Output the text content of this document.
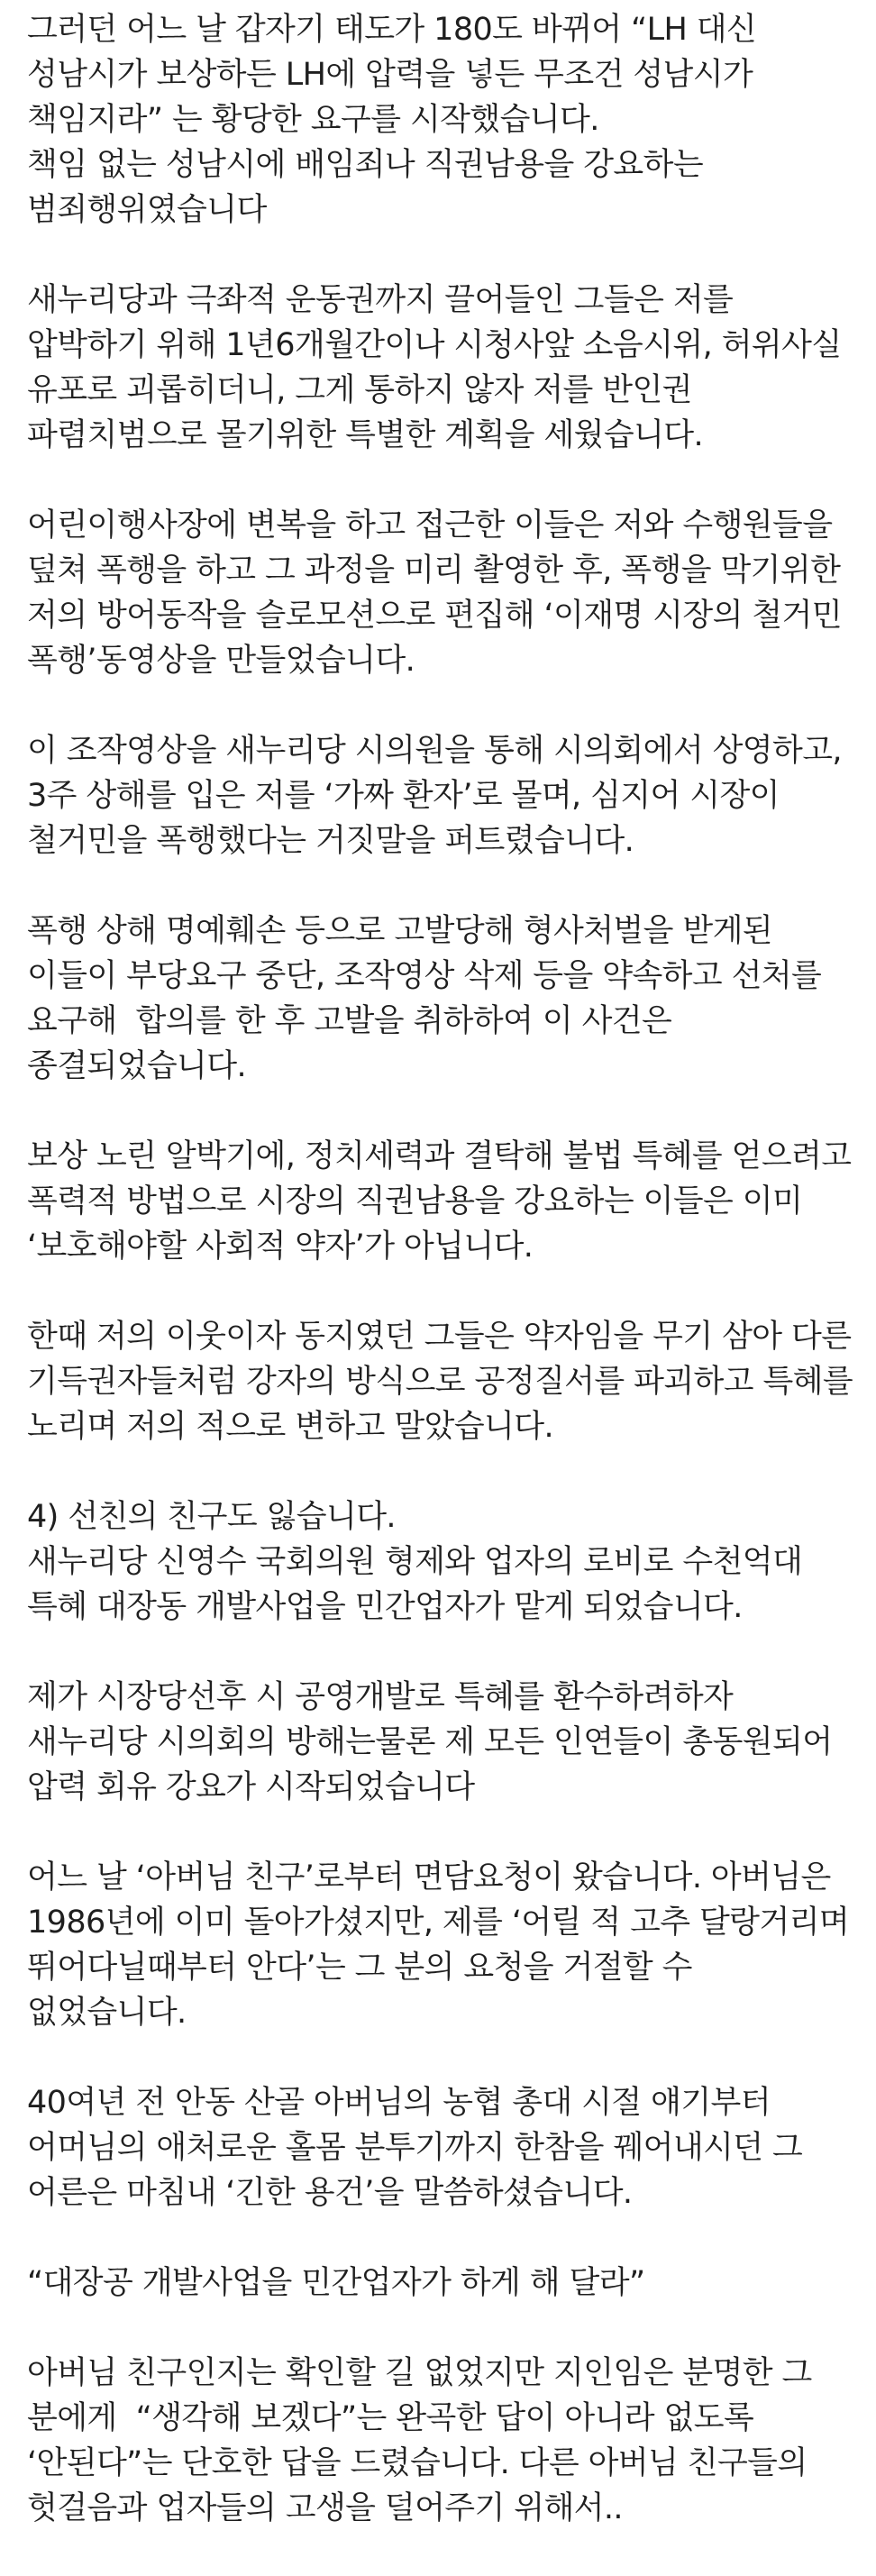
그러던 어느 날 갑자기 태도가 180도 바뀌어 “LH 대신
성남시가 보상하든 LH에 압력을 넣든 무조건 성남시가
책임지라” 는 황당한 요구를 시작했습니다.
책임 없는 성남시에 배임죄나 직권남용을 강요하는
범죄행위였습니다

새누리당과 극좌적 운동권까지 끌어들인 그들은 저를
압박하기 위해 1년6개월간이나 시청사앞 소음시위, 허위사실
유포로 괴롭히더니, 그게 통하지 않자 저를 반인권
파렴치범으로 몰기위한 특별한 계획을 세웠습니다.

어린이행사장에 변복을 하고 접근한 이들은 저와 수행원들을
덮쳐 폭행을 하고 그 과정을 미리 촬영한 후, 폭행을 막기위한
저의 방어동작을 슬로모션으로 편집해 ‘이재명 시장의 철거민
폭행’동영상을 만들었습니다.

이 조작영상을 새누리당 시의원을 통해 시의회에서 상영하고,
3주 상해를 입은 저를 ‘가짜 환자’로 몰며, 심지어 시장이
철거민을 폭행했다는 거짓말을 퍼트렸습니다.

폭행 상해 명예훼손 등으로 고발당해 형사처벌을 받게된
이들이 부당요구 중단, 조작영상 삭제 등을 약속하고 선처를
요구해  합의를 한 후 고발을 취하하여 이 사건은
종결되었습니다.

보상 노린 알박기에, 정치세력과 결탁해 불법 특혜를 얻으려고
폭력적 방법으로 시장의 직권남용을 강요하는 이들은 이미
‘보호해야할 사회적 약자’가 아닙니다.

한때 저의 이웃이자 동지였던 그들은 약자임을 무기 삼아 다른
기득권자들처럼 강자의 방식으로 공정질서를 파괴하고 특혜를
노리며 저의 적으로 변하고 말았습니다.

4) 선친의 친구도 잃습니다.
새누리당 신영수 국회의원 형제와 업자의 로비로 수천억대
특혜 대장동 개발사업을 민간업자가 맡게 되었습니다.

제가 시장당선후 시 공영개발로 특혜를 환수하려하자
새누리당 시의회의 방해는물론 제 모든 인연들이 총동원되어
압력 회유 강요가 시작되었습니다

어느 날 ‘아버님 친구’로부터 면담요청이 왔습니다. 아버님은
1986년에 이미 돌아가셨지만, 제를 ‘어릴 적 고추 달랑거리며
뛰어다닐때부터 안다’는 그 분의 요청을 거절할 수
없었습니다.

40여년 전 안동 산골 아버님의 농협 총대 시절 얘기부터
어머님의 애처로운 홀몸 분투기까지 한참을 꿰어내시던 그
어른은 마침내 ‘긴한 용건’을 말씀하셨습니다.

“대장공 개발사업을 민간업자가 하게 해 달라”

아버님 친구인지는 확인할 길 없었지만 지인임은 분명한 그
분에게  “생각해 보겠다”는 완곡한 답이 아니라 없도록
‘안된다”는 단호한 답을 드렸습니다. 다른 아버님 친구들의
헛걸음과 업자들의 고생을 덜어주기 위해서..
